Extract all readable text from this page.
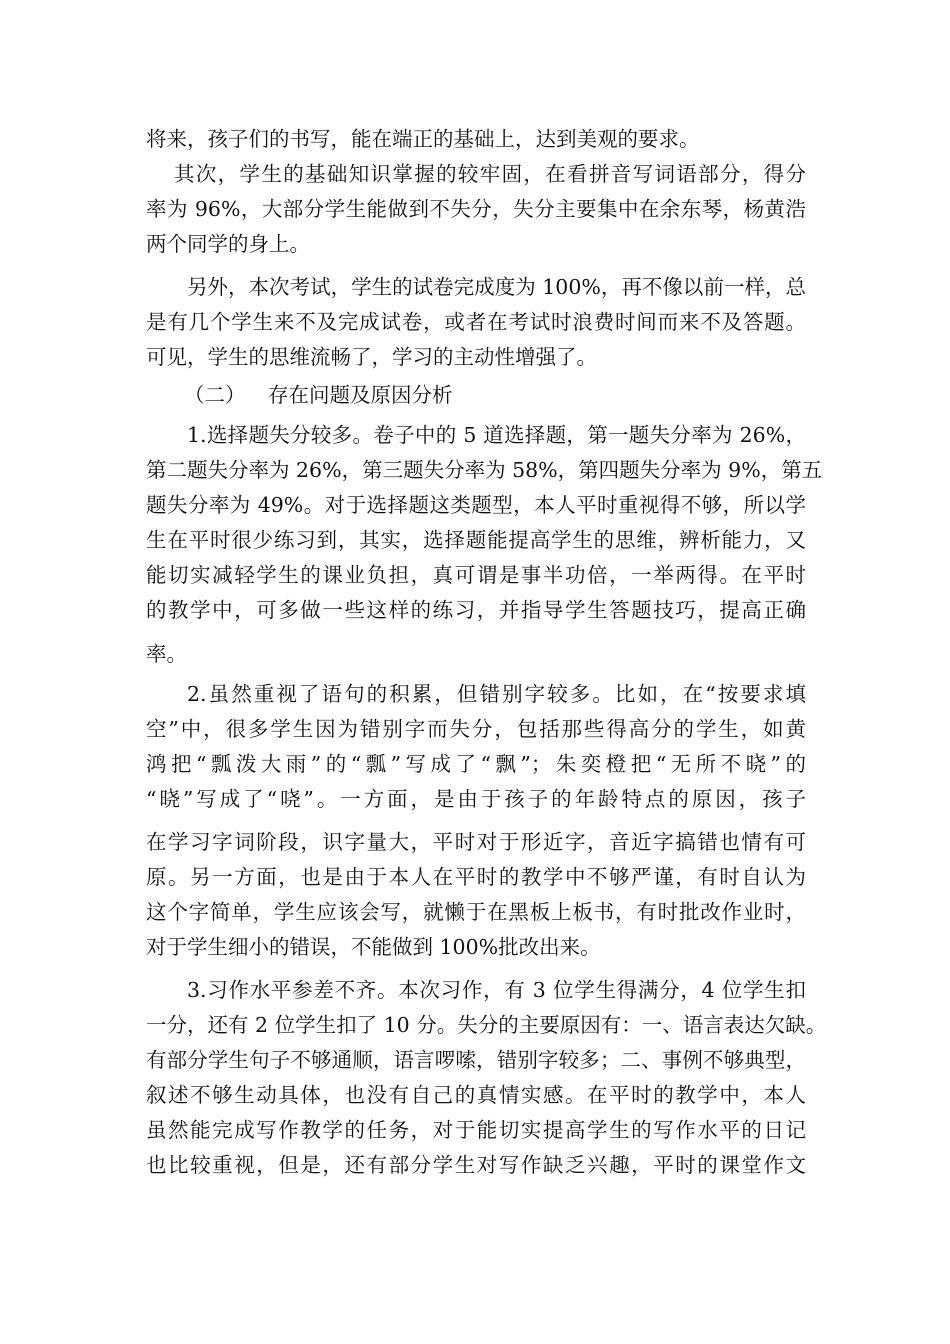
将来，孩子们的书写，能在端正的基础上，达到美观的要求。
其次，学生的基础知识掌握的较牢固，在看拼音写词语部分，得分
率为 96%，大部分学生能做到不失分，失分主要集中在余东琴，杨黄浩
两个同学的身上。
另外，本次考试，学生的试卷完成度为 100%，再不像以前一样，总
是有几个学生来不及完成试卷，或者在考试时浪费时间而来不及答题。
可见，学生的思维流畅了，学习的主动性增强了。
（二） 存在问题及原因分析
1.选择题失分较多。卷子中的 5 道选择题，第一题失分率为 26%，
第二题失分率为 26%，第三题失分率为 58%，第四题失分率为 9%，第五
题失分率为 49%。对于选择题这类题型，本人平时重视得不够，所以学
生在平时很少练习到，其实，选择题能提高学生的思维，辨析能力，又
能切实减轻学生的课业负担，真可谓是事半功倍，一举两得。在平时
的教学中，可多做一些这样的练习，并指导学生答题技巧，提高正确
率。
2.虽然重视了语句的积累，但错别字较多。比如，在“按要求填
空”中，很多学生因为错别字而失分，包括那些得高分的学生，如黄
鸿把“瓢泼大雨”的“瓢”写成了“飘”；朱奕橙把“无所不晓”的
“晓”写成了“哓”。一方面，是由于孩子的年龄特点的原因，孩子
在学习字词阶段，识字量大，平时对于形近字，音近字搞错也情有可
原。另一方面，也是由于本人在平时的教学中不够严谨，有时自认为
这个字简单，学生应该会写，就懒于在黑板上板书，有时批改作业时，
对于学生细小的错误，不能做到 100%批改出来。
3.习作水平参差不齐。本次习作，有 3 位学生得满分，4 位学生扣
一分，还有 2 位学生扣了 10 分。失分的主要原因有：一、语言表达欠缺。
有部分学生句子不够通顺，语言啰嗦，错别字较多；二、事例不够典型，
叙述不够生动具体，也没有自己的真情实感。在平时的教学中，本人
虽然能完成写作教学的任务，对于能切实提高学生的写作水平的日记
也比较重视，但是，还有部分学生对写作缺乏兴趣，平时的课堂作文
